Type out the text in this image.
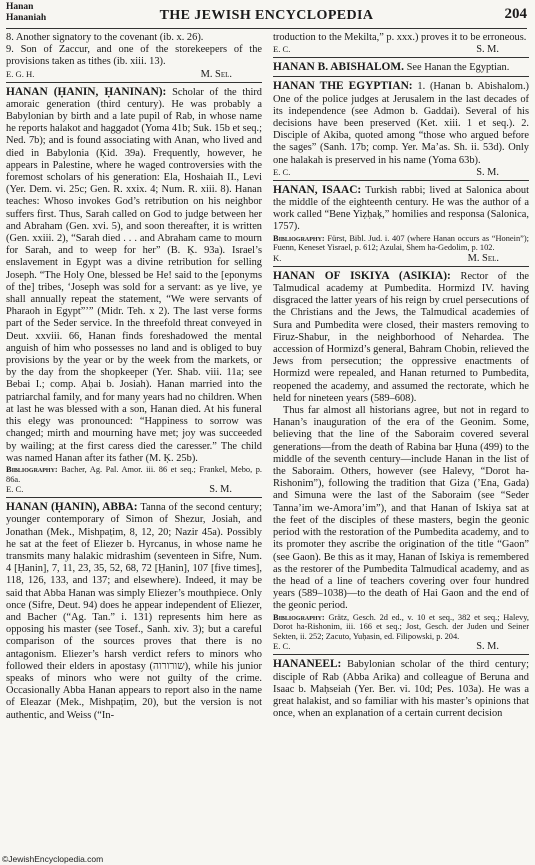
Hanan
Hananiah	THE JEWISH ENCYCLOPEDIA	204

8. Another signatory to the covenant (ib. x. 26).

9. Son of Zaccur, and one of the storekeepers of the provisions taken as tithes (ib. xiii. 13).

E. G. H.	M. Sel.

HANAN (ḤANIN, ḤANINAN): Scholar of the third amoraic generation (third century). He was probably a Babylonian by birth and a late pupil of Rab, in whose name he reports halakot and haggadot (Yoma 41b; Suk. 15b et seq.; Ned. 7b); and is found associating with Anan, who lived and died in Babylonia (Ḳid. 39a). Frequently, however, he appears in Palestine, where he waged controversies with the foremost scholars of his generation: Ela, Hoshaiah II., Levi (Yer. Dem. vi. 25c; Gen. R. xxix. 4; Num. R. xiii. 8). Hanan teaches: Whoso invokes God’s retribution on his neighbor suffers first. Thus, Sarah called on God to judge between her and Abraham (Gen. xvi. 5), and soon thereafter, it is written (Gen. xxiii. 2), “Sarah died . . . and Abraham came to mourn for Sarah, and to weep for her” (B. Ḳ. 93a). Israel’s enslavement in Egypt was a divine retribution for selling Joseph. “The Holy One, blessed be He! said to the [eponyms of the] tribes, ‘Joseph was sold for a servant: as ye live, ye shall annually repeat the statement, “We were servants of Pharaoh in Egypt”’” (Midr. Teh. x 2). The last verse forms part of the Seder service. In the threefold threat conveyed in Deut. xxviii. 66, Hanan finds foreshadowed the mental anguish of him who possesses no land and is obliged to buy provisions by the year or by the week from the markets, or by the day from the shopkeeper (Yer. Shab. viii. 11a; see Bebai I.; comp. Aḥai b. Josiah). Hanan married into the patriarchal family, and for many years had no children. When at last he was blessed with a son, Hanan died. At his funeral this elegy was pronounced: “Happiness to sorrow was changed; mirth and mourning have met; joy was succeeded by wailing; at the first caress died the caresser.” The child was named Hanan after its father (M. Ḳ. 25b).

Bibliography: Bacher, Ag. Pal. Amor. iii. 86 et seq.; Frankel, Mebo, p. 86a.

E. C.	S. M.

HANAN (ḤANIN), ABBA: Tanna of the second century; younger contemporary of Simon of Shezur, Josiah, and Jonathan (Mek., Mishpaṭim, 8, 12, 20; Nazir 45a). Possibly he sat at the feet of Eliezer b. Hyrcanus, in whose name he transmits many halakic midrashim (seventeen in Sifre, Num. 4 [Ḥanin], 7, 11, 23, 35, 52, 68, 72 [Ḥanin], 107 [five times], 118, 126, 133, and 137; and elsewhere). Indeed, it may be said that Abba Hanan was simply Eliezer’s mouthpiece. Only once (Sifre, Deut. 94) does he appear independent of Eliezer, and Bacher (“Ag. Tan.” i. 131) represents him here as opposing his master (see Tosef., Sanh. xiv. 3); but a careful comparison of the sources proves that there is no antagonism. Eliezer’s harsh verdict refers to minors who followed their elders in apostasy (שורורוה), while his junior speaks of minors who were not guilty of the crime. Occasionally Abba Hanan appears to report also in the name of Eleazar (Mek., Mishpaṭim, 20), but the version is not authentic, and Weiss (“In-

troduction to the Mekilta,” p. xxx.) proves it to be erroneous.

E. C.	S. M.

HANAN B. ABISHALOM. See Hanan the Egyptian.

HANAN THE EGYPTIAN: 1. (Hanan b. Abishalom.) One of the police judges at Jerusalem in the last decades of its independence (see Admon b. Gaddai). Several of his decisions have been preserved (Ket. xiii. 1 et seq.). 2. Disciple of Akiba, quoted among “those who argued before the sages” (Sanh. 17b; comp. Yer. Ma’as. Sh. ii. 53d). Only one halakah is preserved in his name (Yoma 63b).

E. C.	S. M.

HANAN, ISAAC: Turkish rabbi; lived at Salonica about the middle of the eighteenth century. He was the author of a work called “Bene Yiẓḥaḳ,” homilies and responsa (Salonica, 1757).

Bibliography: Fürst, Bibl. Jud. i. 407 (where Hanan occurs as “Honein”); Fuenn, Keneset Yisrael, p. 612; Azulai, Shem ha-Gedolim, p. 102.

K.	M. Sel.

HANAN OF ISKIYA (ASIKIA): Rector of the Talmudical academy at Pumbedita. Hormizd IV. having disgraced the latter years of his reign by cruel persecutions of the Christians and the Jews, the Talmudical academies of Sura and Pumbedita were closed, their masters removing to Firuz-Shabur, in the neighborhood of Nehardea. The accession of Hormizd’s general, Bahram Chobin, relieved the Jews from persecution; the oppressive enactments of Hormizd were repealed, and Hanan returned to Pumbedita, reopened the academy, and assumed the rectorate, which he held for nineteen years (589–608).

Thus far almost all historians agree, but not in regard to Hanan’s inauguration of the era of the Geonim. Some, believing that the line of the Saboraim covered several generations—from the death of Rabina bar Ḥuna (499) to the middle of the seventh century—include Hanan in the list of the Saboraim. Others, however (see Halevy, “Dorot ha-Rishonim”), following the tradition that Giza (’Ena, Gada) and Simuna were the last of the Saboraim (see “Seder Tanna’im we-Amora’im”), and that Hanan of Iskiya sat at the feet of the disciples of these masters, begin the geonic period with the restoration of the Pumbedita academy, and to its promoter they ascribe the origination of the title “Gaon” (see Gaon). Be this as it may, Hanan of Iskiya is remembered as the restorer of the Pumbedita Talmudical academy, and as the head of a line of teachers covering over four hundred years (589–1038)—to the death of Hai Gaon and the end of the geonic period.

Bibliography: Grätz, Gesch. 2d ed., v. 10 et seq., 382 et seq.; Halevy, Dorot ha-Rishonim, iii. 166 et seq.; Jost, Gesch. der Juden und Seiner Sekten, ii. 252; Zacuto, Yuḥasin, ed. Filipowski, p. 204.

E. C.	S. M.

HANANEEL: Babylonian scholar of the third century; disciple of Rab (Abba Arika) and colleague of Beruna and Isaac b. Maḥseiah (Yer. Ber. vi. 10d; Pes. 103a). He was a great halakist, and so familiar with his master’s opinions that once, when an explanation of a certain current decision

©JewishEncyclopedia.com
